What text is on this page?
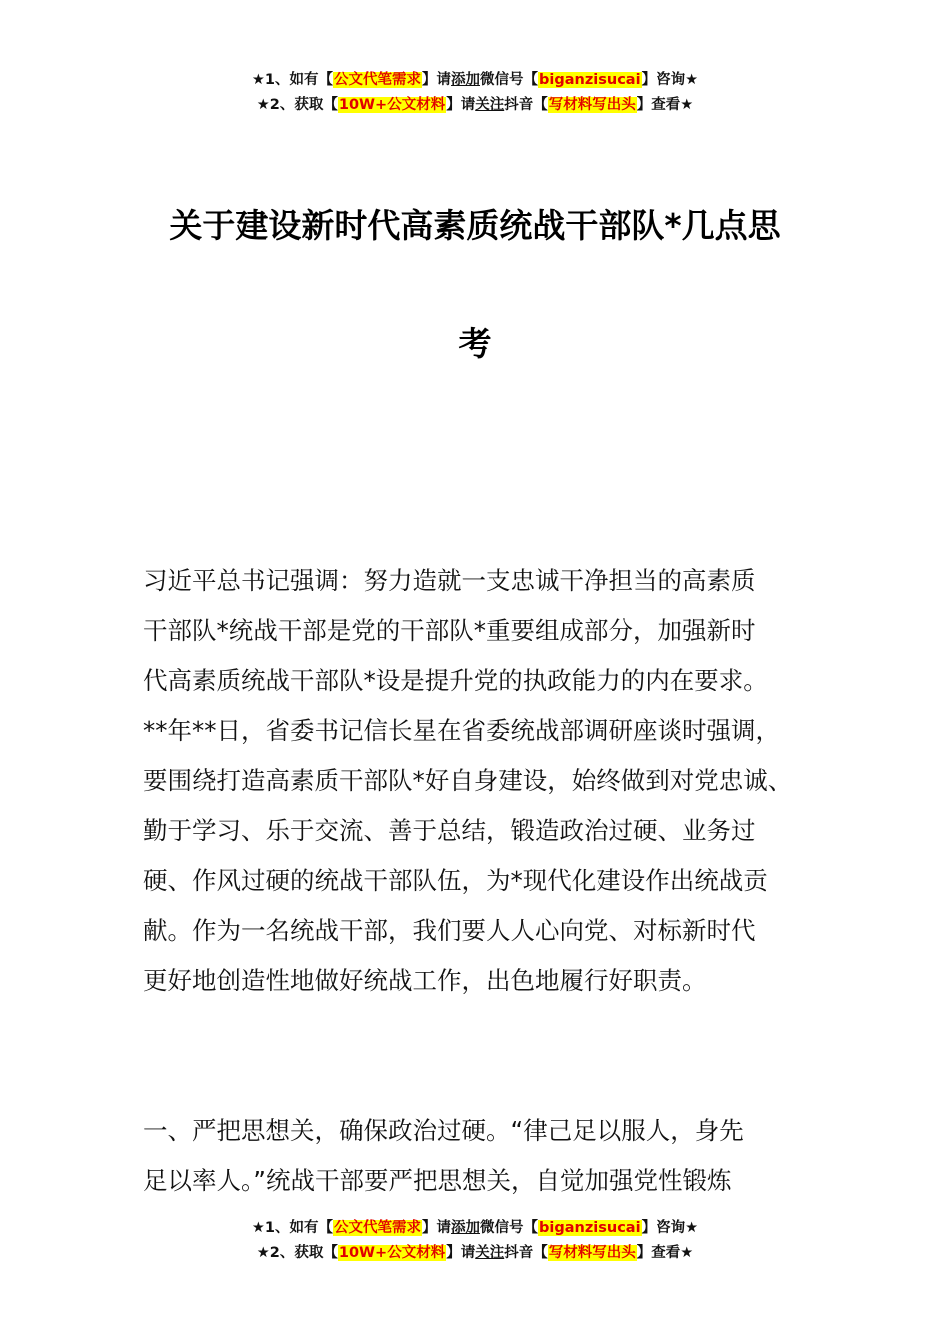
★1、如有【公文代笔需求】请添加微信号【biganzisucai】咨询★
★2、获取【10W+公文材料】请关注抖音【写材料写出头】查看★
关于建设新时代高素质统战干部队*几点思
考
习近平总书记强调：努力造就一支忠诚干净担当的高素质
干部队*统战干部是党的干部队*重要组成部分，加强新时
代高素质统战干部队*设是提升党的执政能力的内在要求。
**年**日，省委书记信长星在省委统战部调研座谈时强调，
要围绕打造高素质干部队*好自身建设，始终做到对党忠诚、
勤于学习、乐于交流、善于总结，锻造政治过硬、业务过
硬、作风过硬的统战干部队伍，为*现代化建设作出统战贡
献。作为一名统战干部，我们要人人心向党、对标新时代
更好地创造性地做好统战工作，出色地履行好职责。
一、严把思想关，确保政治过硬。“律己足以服人，身先
足以率人。”统战干部要严把思想关，自觉加强党性锻炼
★1、如有【公文代笔需求】请添加微信号【biganzisucai】咨询★
★2、获取【10W+公文材料】请关注抖音【写材料写出头】查看★
